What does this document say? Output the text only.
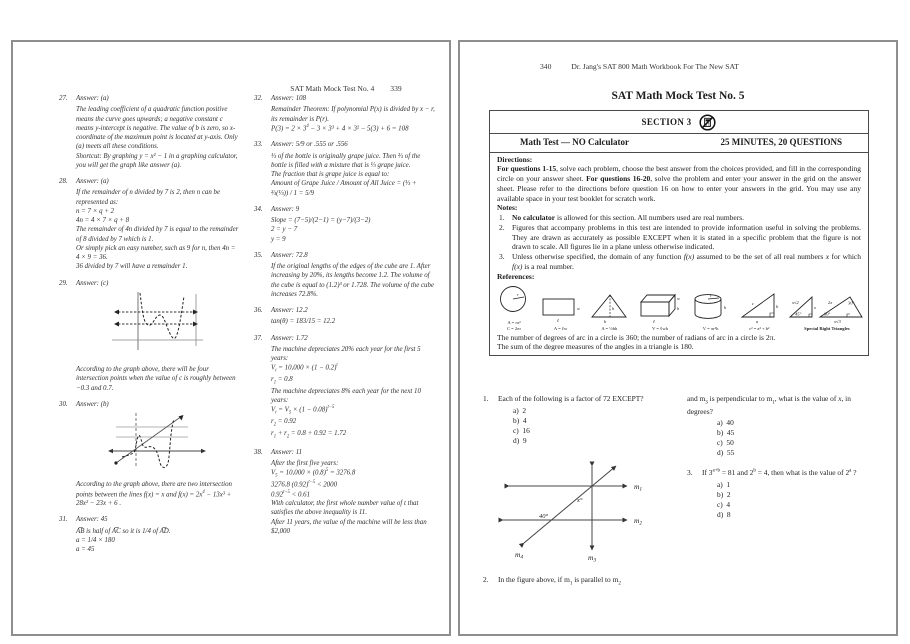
SAT Math Mock Test No. 4 339
27.	Answer: (a)
The leading coefficient of a quadratic function positive means the curve goes upwards; a negative constant c means y-intercept is negative. The value of b is zero, so x-coordinate of the maximum point is located at y-axis. Only (a) meets all these conditions.
Shortcut: By graphing y = x² − 1 in a graphing calculator, you will get the graph like answer (a).
28.	Answer: (a)
If the remainder of n divided by 7 is 2, then n can be represented as:
n = 7 × q + 2
4n = 4 × 7 × q + 8
The remainder of 4n divided by 7 is equal to the remainder of 8 divided by 7 which is 1.
Or simply pick an easy number, such as 9 for n, then 4n = 4 × 9 = 36.
36 divided by 7 will have a remainder 1.
29.	Answer: (c)
According to the graph above, there will be four intersection points when the value of c is roughly between −0.3 and 0.7.
30.	Answer: (b)
According to the graph above, there are two intersection points between the lines f(x) = x and $f(x) = 2x^4 - 13x^3 + 28x^2 - 23x + 6$ .
31.	Answer: 45
A͡B is half of A͡C so it is 1/4 of A͡D.
a = 1/4 × 180
a = 45
32.	Answer: 108
Remainder Theorem: If polynomial P(x) is divided by x − r, its remainder is P(r).
$P(3) = 2 \times 3^4 - 3 \times 3^3 + 4 \times 3^2 - 5(3) + 6 = 108$
33.	Answer: 5/9 or .555 or .556
⅓ of the bottle is originally grape juice. Then ⅔ of the bottle is filled with a mixture that is ⅓ grape juice.
The fraction that is grape juice is equal to:
Amount of Grape Juice / Amount of All Juice = (⅓ + ⅔(⅓)) / 1 = 5/9
34.	Answer: 9
Slope = (7−5)/(2−1) = (y−7)/(3−2)
2 = y − 7
y = 9
35.	Answer: 72.8
If the original lengths of the edges of the cube are 1. After increasing by 20%, its lengths become 1.2. The volume of the cube is equal to (1.2)³ or 1.728. The volume of the cube increases 72.8%.
36.	Answer: 12.2
tan(θ) = 183/15 = 12.2
37.	Answer: 1.72
The machine depreciates 20% each year for the first 5 years:
$V_t = 10,000 \times (1 - 0.2)^t$
$r_1 = 0.8$
The machine depreciates 8% each year for the next 10 years:
$V_t = V_5 \times (1 - 0.08)^{t-5}$
$r_2 = 0.92$
$r_1 + r_2 = 0.8 + 0.92 = 1.72$
38.	Answer: 11
After the first five years:
$V_5 = 10,000 \times (0.8)^5 = 3276.8$
3276.8 $(0.92)^{t-5} < 2000$
$0.92^{t-5} < 0.61$
With calculator, the first whole number value of t that satisfies the above inequality is 11.
After 11 years, the value of the machine will be less than $2,000
340	Dr. Jang's SAT 800 Math Workbook For The New SAT
SAT Math Mock Test No. 5
SECTION 3
Math Test — NO Calculator	25 MINUTES, 20 QUESTIONS
Directions:
For questions 1-15, solve each problem, choose the best answer from the choices provided, and fill in the corresponding circle on your answer sheet. For questions 16-20, solve the problem and enter your answer in the grid on the answer sheet. Please refer to the directions before question 16 on how to enter your answers in the grid. You may use any available space in your test booklet for scratch work.
Notes:
1. No calculator is allowed for this section. All numbers used are real numbers.
2. Figures that accompany problems in this test are intended to provide information useful in solving the problems. They are drawn as accurately as possible EXCEPT when it is stated in a specific problem that the figure is not drawn to scale. All figures lie in a plane unless otherwise indicated.
3. Unless otherwise specified, the domain of any function f(x) assumed to be the set of all real numbers x for which f(x) is a real number.
References:
r
A = πr²
C = 2πr
ℓ
w
A = ℓw
h
b
A = ½bh
ℓ
w
h
V = ℓwh
r
h
V = πr²h
a
b
c
c² = a² + b²
x√2
45°
x
2x	30°
60°
x√3
Special Right Triangles
The number of degrees of arc in a circle is 360; the number of radians of arc in a circle is 2π.
The sum of the degree measures of the angles in a triangle is 180.
1.	Each of the following is a factor of 72 EXCEPT?
a)  2
b)  4
c)  16
d)  9
$m_1$
$m_2$
$m_3$
$m_4$
x°
40°
2.	In the figure above, if $m_1$ is parallel to $m_2$
and $m_3$ is perpendicular to $m_1$, what is the value of x, in degrees?
a)  40
b)  45
c)  50
d)  55
3.	If $3^{a+b} = 81$ and $2^b = 4$, then what is the value of 2$^a$ ?
a)  1
b)  2
c)  4
d)  8
